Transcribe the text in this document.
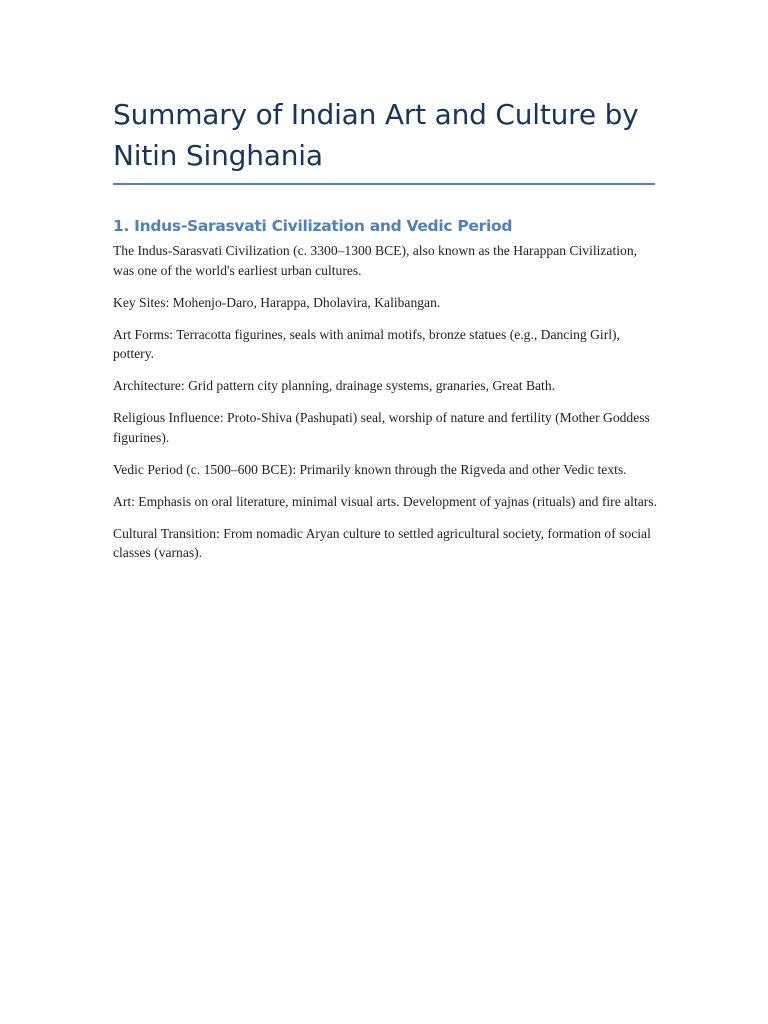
Summary of Indian Art and Culture by Nitin Singhania
1. Indus-Sarasvati Civilization and Vedic Period

The Indus-Sarasvati Civilization (c. 3300–1300 BCE), also known as the Harappan Civilization, was one of the world's earliest urban cultures.

Key Sites: Mohenjo-Daro, Harappa, Dholavira, Kalibangan.

Art Forms: Terracotta figurines, seals with animal motifs, bronze statues (e.g., Dancing Girl), pottery.

Architecture: Grid pattern city planning, drainage systems, granaries, Great Bath.

Religious Influence: Proto-Shiva (Pashupati) seal, worship of nature and fertility (Mother Goddess figurines).

Vedic Period (c. 1500–600 BCE): Primarily known through the Rigveda and other Vedic texts.

Art: Emphasis on oral literature, minimal visual arts. Development of yajnas (rituals) and fire altars.

Cultural Transition: From nomadic Aryan culture to settled agricultural society, formation of social classes (varnas).
